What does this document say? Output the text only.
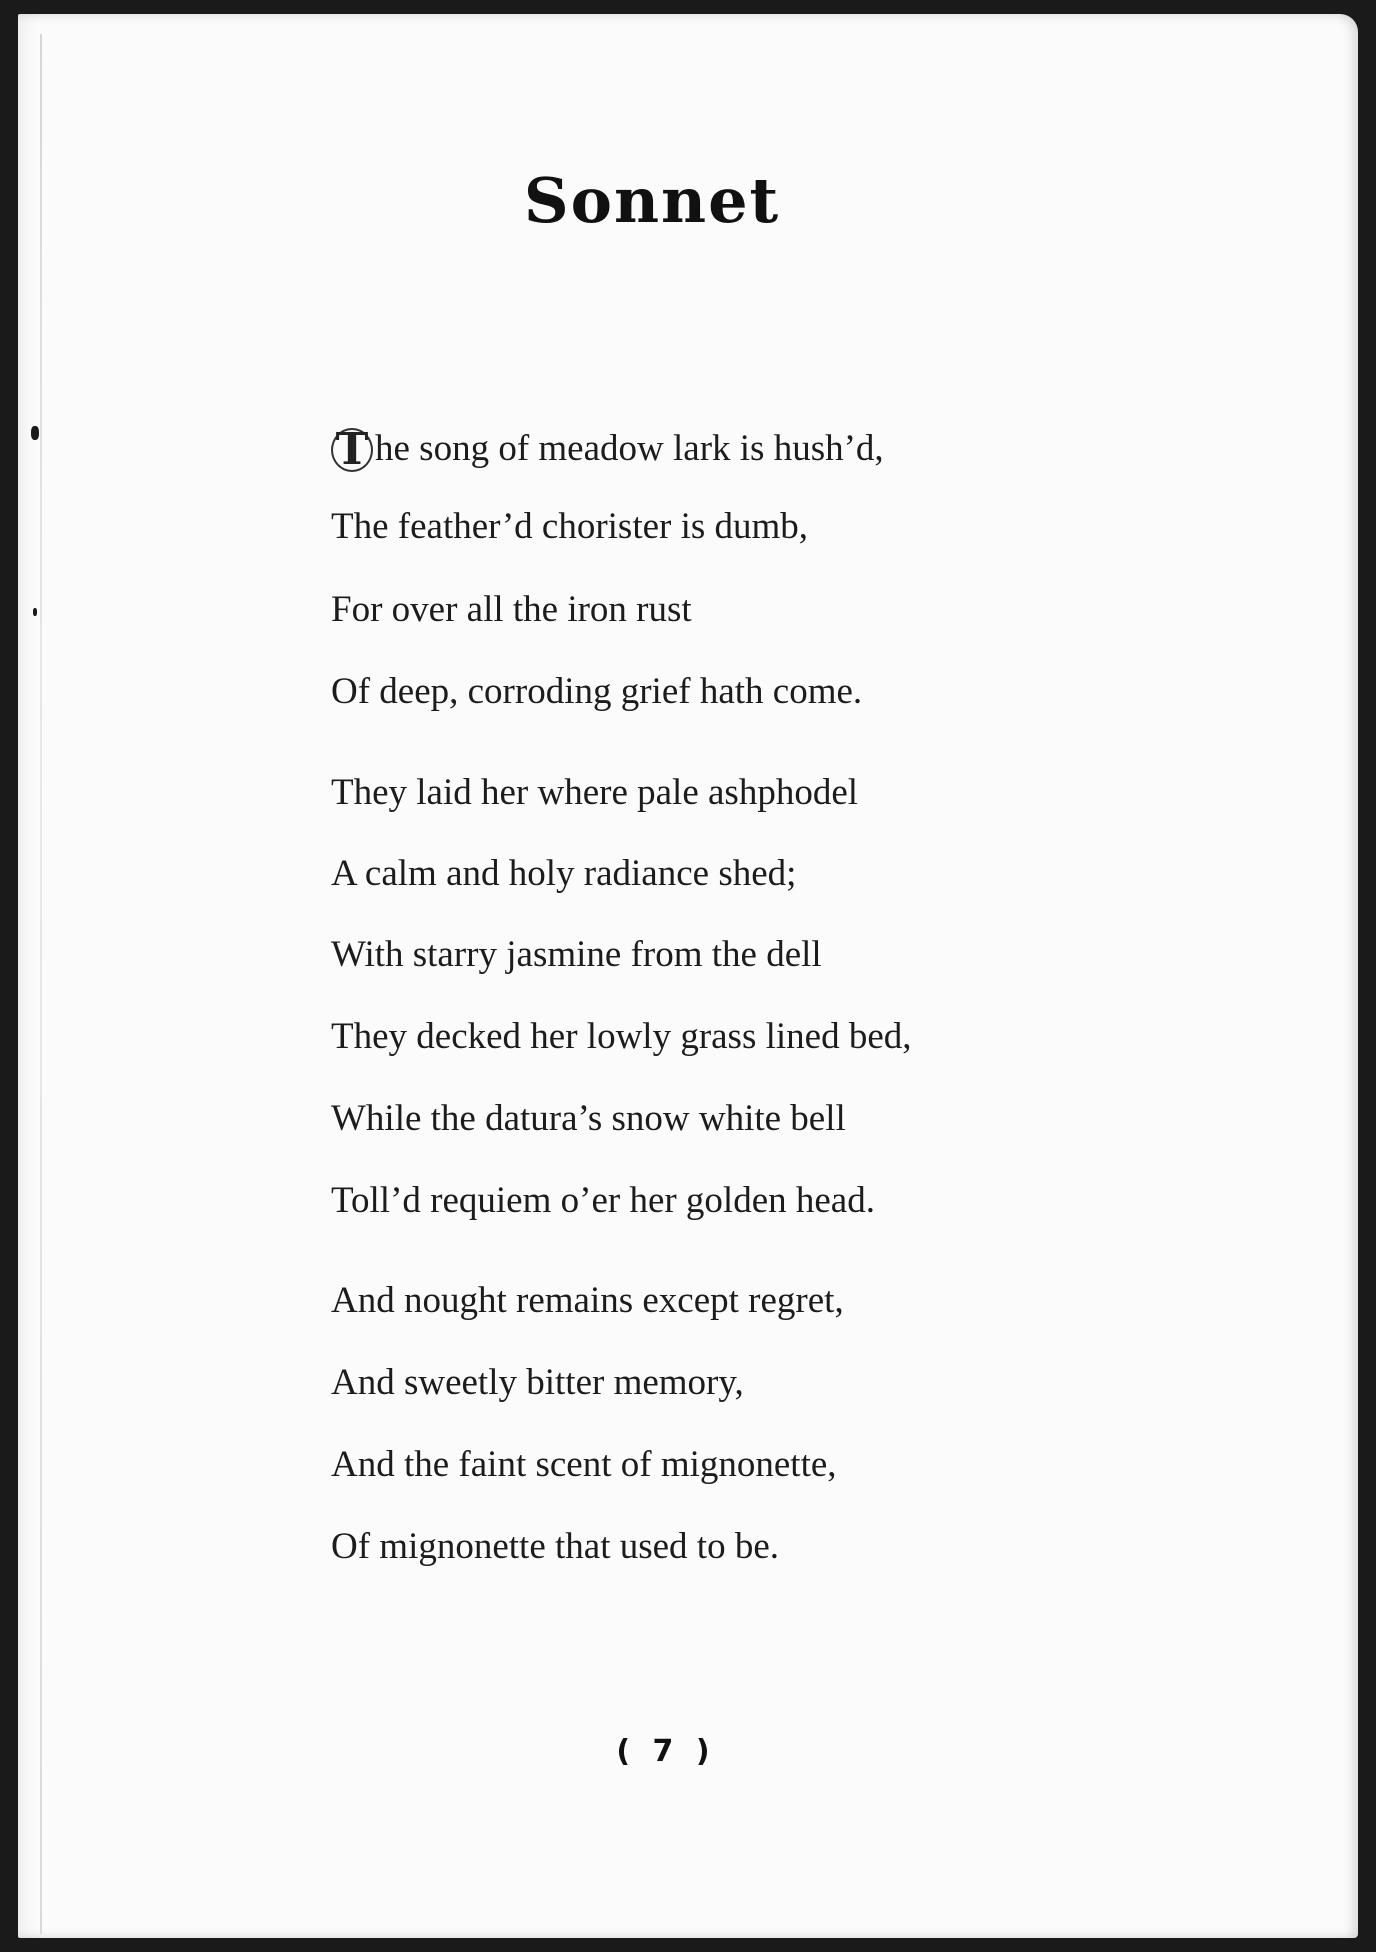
Sonnet
T he song of meadow lark is hush’d,
The feather’d chorister is dumb,
For over all the iron rust
Of deep, corroding grief hath come.
They laid her where pale ashphodel
A calm and holy radiance shed;
With starry jasmine from the dell
They decked her lowly grass lined bed,
While the datura’s snow white bell
Toll’d requiem o’er her golden head.
And nought remains except regret,
And sweetly bitter memory,
And the faint scent of mignonette,
Of mignonette that used to be.
( 7 )
